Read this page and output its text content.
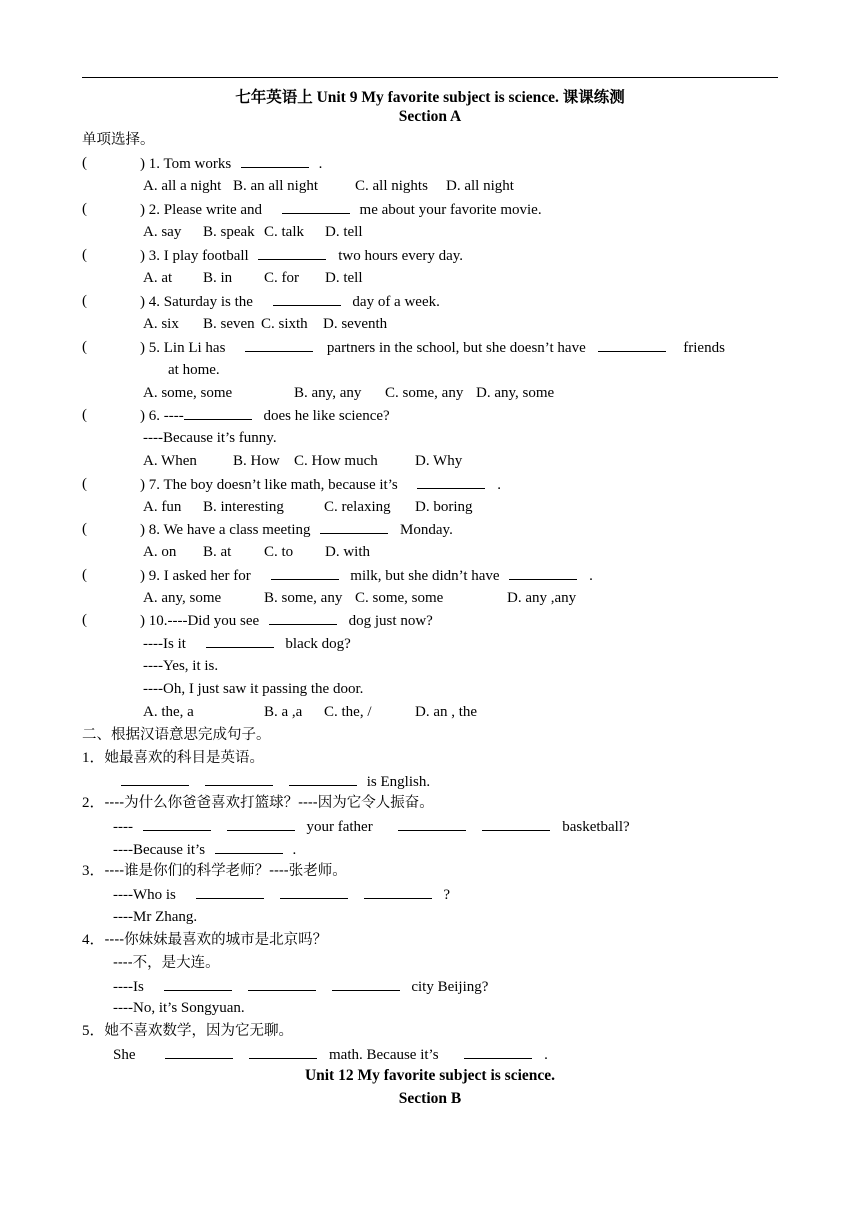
七年英语上 Unit 9 My favorite subject is science. 课课练测
Section A
单项选择。
(	) 1. Tom works	.
A. all a night B. an all night C. all nights D. all night
(	) 2. Please write and	me about your favorite movie.
A. say B. speak C. talk D. tell
(	) 3. I play football	two hours every day.
A. at B. in C. for D. tell
(	) 4. Saturday is the	day of a week.
A. six B. seven C. sixth D. seventh
(	) 5. Lin Li has	partners in the school, but she doesn’t have	friends
at home.
A. some, some	B. any, any C. some, any D. any, some
(	) 6. ----	does he like science?
----Because it’s funny.
A. When B. How C. How much D. Why
(	) 7. The boy doesn’t like math, because it’s	.
A. fun B. interesting	C. relaxing D. boring
(	) 8. We have a class meeting	Monday.
A. on B. at C. to D. with
(	) 9. I asked her for	milk, but she didn’t have	.
A. any, some	B. some, any C. some, some	D. any ,any
(	) 10.----Did you see	dog just now?
----Is it	black dog?
----Yes, it is.
----Oh, I just saw it passing the door.
A. the, a	B. a ,a C. the, /	D. an , the
二、根据汉语意思完成句子。
1．她最喜欢的科目是英语。
is English.
2．----为什么你爸爸喜欢打篮球？----因为它令人振奋。
----	your father	basketball?
----Because it’s	.
3．----谁是你们的科学老师？----张老师。
----Who is	?
----Mr Zhang.
4．----你妹妹最喜欢的城市是北京吗？
----不，是大连。
----Is	city Beijing?
----No, it’s Songyuan.
5．她不喜欢数学，因为它无聊。
She	math. Because it’s	.
Unit 12 My favorite subject is science.
Section B
